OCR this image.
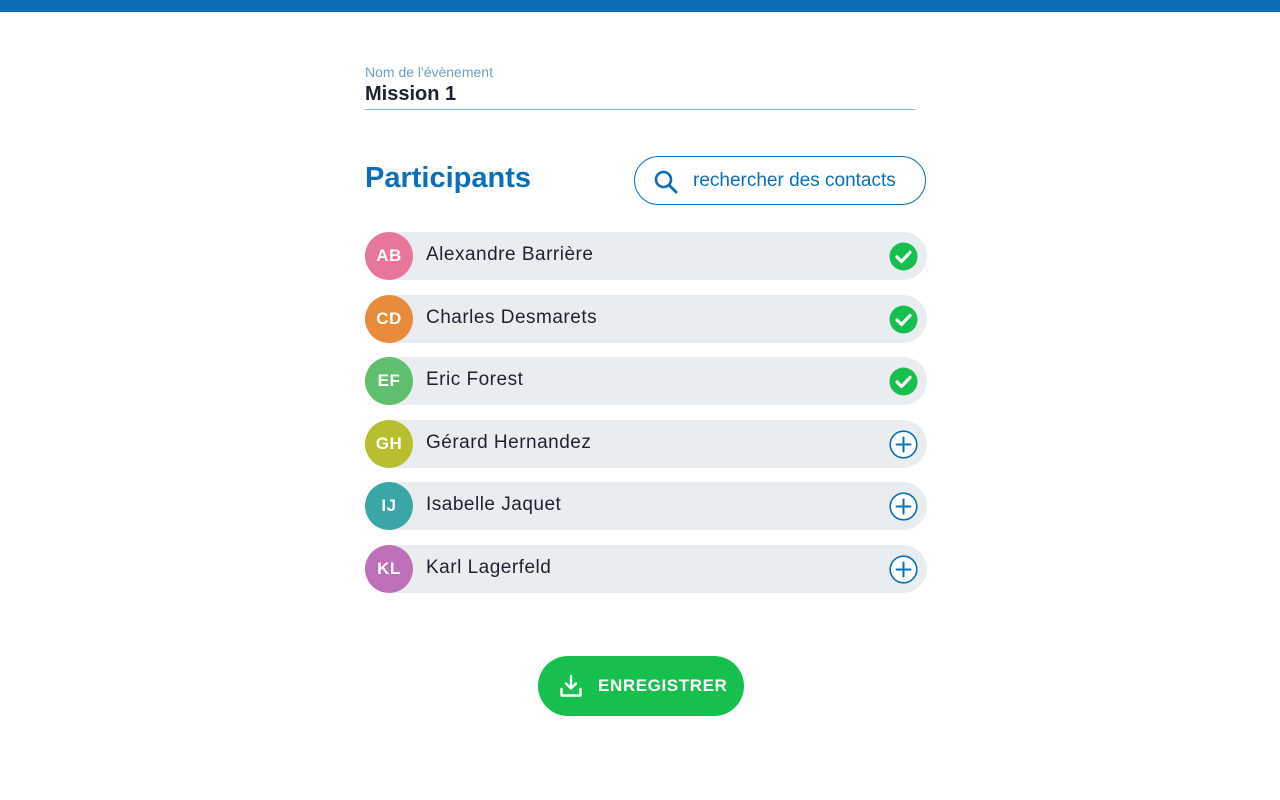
Nom de l'évènement
Mission 1
Participants	rechercher des contacts
AB	Alexandre Barrière
CD	Charles Desmarets
EF	Eric Forest
GH	Gérard Hernandez
IJ	Isabelle Jaquet
KL	Karl Lagerfeld
ENREGISTRER
